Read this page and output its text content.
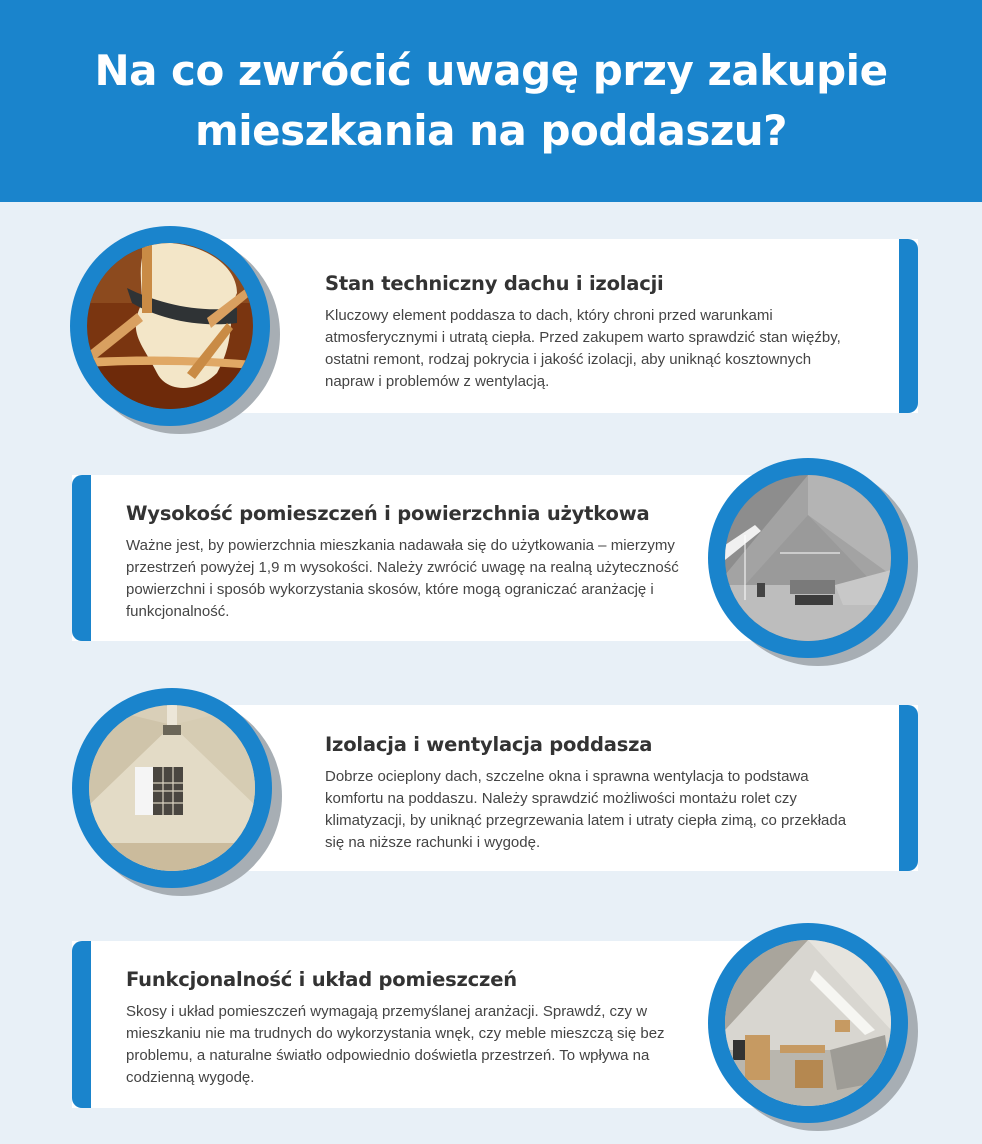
Na co zwrócić uwagę przy zakupie mieszkania na poddaszu?
Stan techniczny dachu i izolacji

Kluczowy element poddasza to dach, który chroni przed warunkami atmosferycznymi i utratą ciepła. Przed zakupem warto sprawdzić stan więźby, ostatni remont, rodzaj pokrycia i jakość izolacji, aby uniknąć kosztownych napraw i problemów z wentylacją.

Wysokość pomieszczeń i powierzchnia użytkowa

Ważne jest, by powierzchnia mieszkania nadawała się do użytkowania – mierzymy przestrzeń powyżej 1,9 m wysokości. Należy zwrócić uwagę na realną użyteczność powierzchni i sposób wykorzystania skosów, które mogą ograniczać aranżację i funkcjonalność.

Izolacja i wentylacja poddasza

Dobrze ocieplony dach, szczelne okna i sprawna wentylacja to podstawa komfortu na poddaszu. Należy sprawdzić możliwości montażu rolet czy klimatyzacji, by uniknąć przegrzewania latem i utraty ciepła zimą, co przekłada się na niższe rachunki i wygodę.

Funkcjonalność i układ pomieszczeń

Skosy i układ pomieszczeń wymagają przemyślanej aranżacji. Sprawdź, czy w mieszkaniu nie ma trudnych do wykorzystania wnęk, czy meble mieszczą się bez problemu, a naturalne światło odpowiednio doświetla przestrzeń. To wpływa na codzienną wygodę.
